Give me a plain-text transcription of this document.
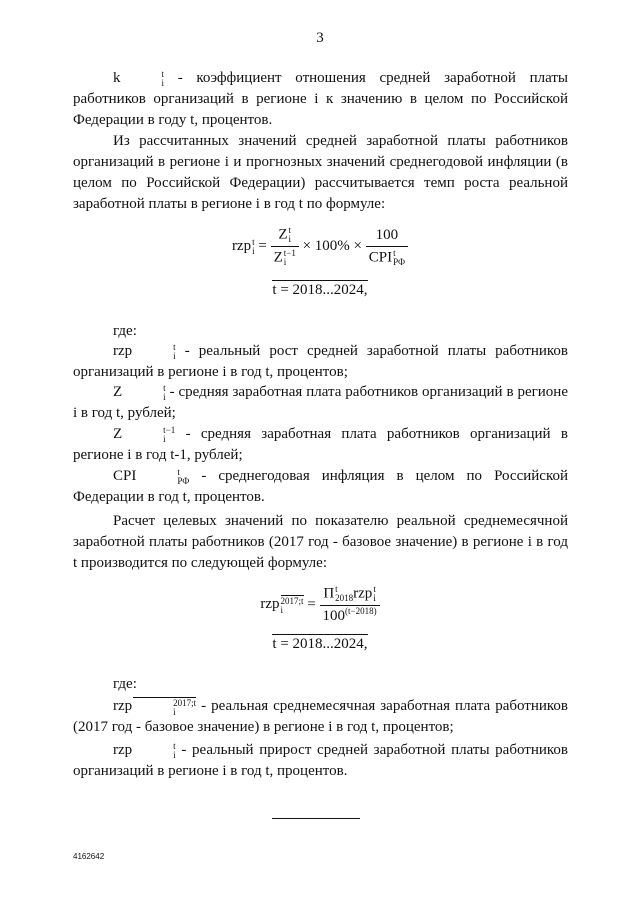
3
k	t
i - коэффициент отношения средней заработной платы работников организаций в регионе i к значению в целом по Российской Федерации в году t, процентов.
Из рассчитанных значений средней заработной платы работников организаций в регионе i и прогнозных значений среднегодовой инфляции (в целом по Российской Федерации) рассчитывается темп роста реальной заработной платы в регионе i в год t по формуле:
rzp t
i = Z t
i
Z t−1
i × 100% × 100
CPI t
РФ
t = 2018...2024,
где:
rzp	t
i - реальный рост средней заработной платы работников организаций в регионе i в год t, процентов;
Z	t
i - средняя заработная плата работников организаций в регионе i в год t, рублей;
Z	t−1
i - средняя заработная плата работников организаций в регионе i в год t-1, рублей;
CPI	t
РФ - среднегодовая инфляция в целом по Российской Федерации в год t, процентов.
Расчет целевых значений по показателю реальной среднемесячной заработной платы работников (2017 год - базовое значение) в регионе i в год t производится по следующей формуле:
rzp 2017;t
i	= Π t
2018 rzp t
i
$100^{(t-2018)}$
t = 2018...2024,
где:
rzp	2017;t
i	- реальная среднемесячная заработная плата работников (2017 год - базовое значение) в регионе i в год t, процентов;
rzp	t
i - реальный прирост средней заработной платы работников организаций в регионе i в год t, процентов.
4162642
